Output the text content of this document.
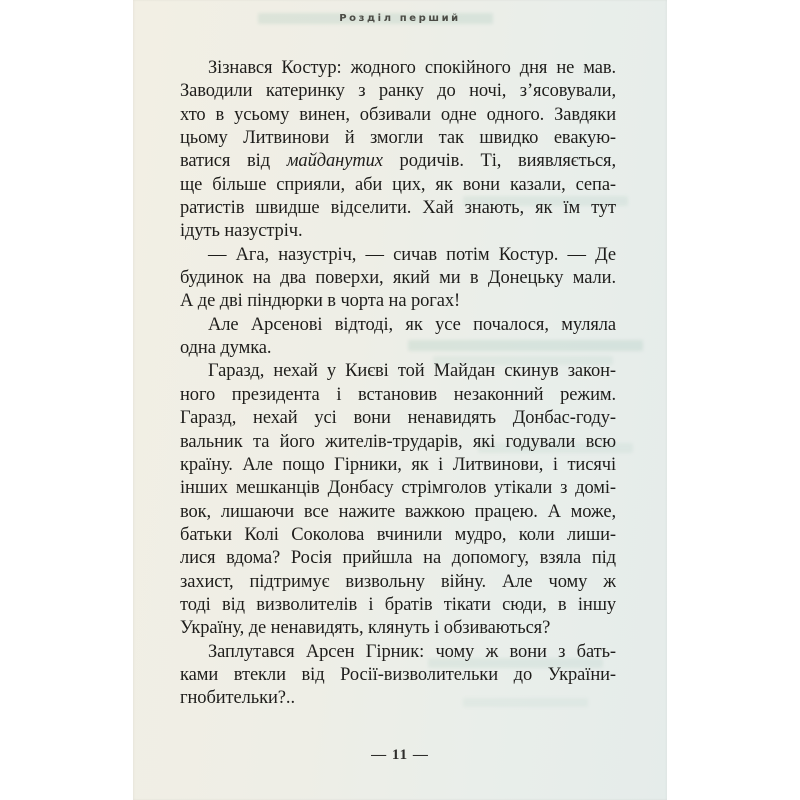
Розділ перший
Зізнався Костур: жодного спокійного дня не мав.
Заводили катеринку з ранку до ночі, з’ясовували,
хто в усьому винен, обзивали одне одного. Завдяки
цьому Литвинови й змогли так швидко евакую-
ватися від майданутих родичів. Ті, виявляється,
ще більше сприяли, аби цих, як вони казали, сепа-
ратистів швидше відселити. Хай знають, як їм тут
ідуть назустріч.
— Ага, назустріч, — сичав потім Костур. — Де
будинок на два поверхи, який ми в Донецьку мали.
А де дві піндюрки в чорта на рогах!
Але Арсенові відтоді, як усе почалося, муляла
одна думка.
Гаразд, нехай у Києві той Майдан скинув закон-
ного президента і встановив незаконний режим.
Гаразд, нехай усі вони ненавидять Донбас-году-
вальник та його жителів-трударів, які годували всю
країну. Але пощо Гірники, як і Литвинови, і тисячі
інших мешканців Донбасу стрімголов утікали з домі-
вок, лишаючи все нажите важкою працею. А може,
батьки Колі Соколова вчинили мудро, коли лиши-
лися вдома? Росія прийшла на допомогу, взяла під
захист, підтримує визвольну війну. Але чому ж
тоді від визволителів і братів тікати сюди, в іншу
Україну, де ненавидять, клянуть і обзиваються?
Заплутався Арсен Гірник: чому ж вони з бать-
ками втекли від Росії-визволительки до України-
гнобительки?..
— 11 —
